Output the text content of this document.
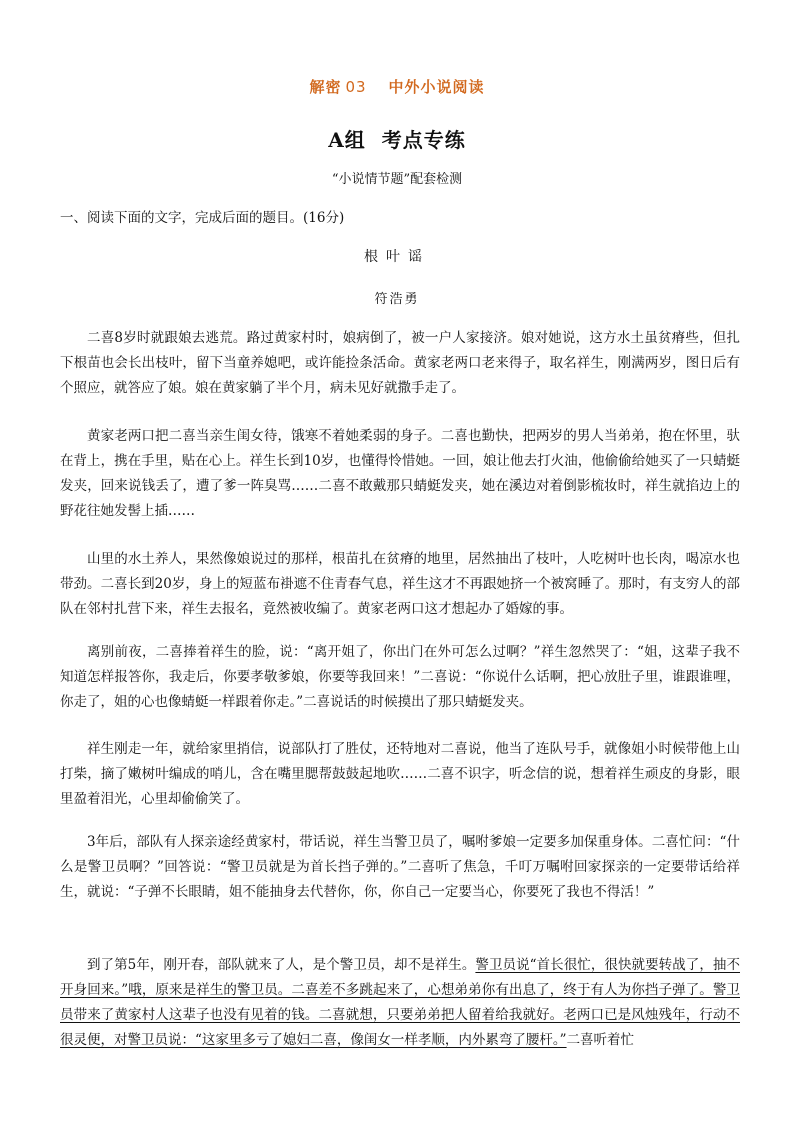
解密 03 中外小说阅读
A组  考点专练
“小说情节题”配套检测
一、阅读下面的文字，完成后面的题目。(16分)
根叶谣
符浩勇
二喜8岁时就跟娘去逃荒。路过黄家村时，娘病倒了，被一户人家接济。娘对她说，这方水土虽贫瘠些，但扎下根苗也会长出枝叶，留下当童养媳吧，或许能捡条活命。黄家老两口老来得子，取名祥生，刚满两岁，图日后有个照应，就答应了娘。娘在黄家躺了半个月，病未见好就撒手走了。
黄家老两口把二喜当亲生闺女待，饿寒不着她柔弱的身子。二喜也勤快，把两岁的男人当弟弟，抱在怀里，驮在背上，携在手里，贴在心上。祥生长到10岁，也懂得怜惜她。一回，娘让他去打火油，他偷偷给她买了一只蜻蜓发夹，回来说钱丢了，遭了爹一阵臭骂……二喜不敢戴那只蜻蜓发夹，她在溪边对着倒影梳妆时，祥生就掐边上的野花往她发髻上插……
山里的水土养人，果然像娘说过的那样，根苗扎在贫瘠的地里，居然抽出了枝叶，人吃树叶也长肉，喝凉水也带劲。二喜长到20岁，身上的短蓝布褂遮不住青春气息，祥生这才不再跟她挤一个被窝睡了。那时，有支穷人的部队在邻村扎营下来，祥生去报名，竟然被收编了。黄家老两口这才想起办了婚嫁的事。
离别前夜，二喜捧着祥生的脸，说：“离开姐了，你出门在外可怎么过啊？”祥生忽然哭了：“姐，这辈子我不知道怎样报答你，我走后，你要孝敬爹娘，你要等我回来！”二喜说：“你说什么话啊，把心放肚子里，谁跟谁哩，你走了，姐的心也像蜻蜓一样跟着你走。”二喜说话的时候摸出了那只蜻蜓发夹。
祥生刚走一年，就给家里捎信，说部队打了胜仗，还特地对二喜说，他当了连队号手，就像姐小时候带他上山打柴，摘了嫩树叶编成的哨儿，含在嘴里腮帮鼓鼓起地吹……二喜不识字，听念信的说，想着祥生顽皮的身影，眼里盈着泪光，心里却偷偷笑了。
3年后，部队有人探亲途经黄家村，带话说，祥生当警卫员了，嘱咐爹娘一定要多加保重身体。二喜忙问：“什么是警卫员啊？”回答说：“警卫员就是为首长挡子弹的。”二喜听了焦急，千叮万嘱咐回家探亲的一定要带话给祥生，就说：“子弹不长眼睛，姐不能抽身去代替你，你，你自己一定要当心，你要死了我也不得活！”
到了第5年，刚开春，部队就来了人，是个警卫员，却不是祥生。警卫员说“首长很忙，很快就要转战了，抽不开身回来。”哦，原来是祥生的警卫员。二喜差不多跳起来了，心想弟弟你有出息了，终于有人为你挡子弹了。警卫员带来了黄家村人这辈子也没有见着的钱。二喜就想，只要弟弟把人留着给我就好。老两口已是风烛残年，行动不很灵便，对警卫员说：“这家里多亏了媳妇二喜，像闺女一样孝顺，内外累弯了腰杆。”二喜听着忙
